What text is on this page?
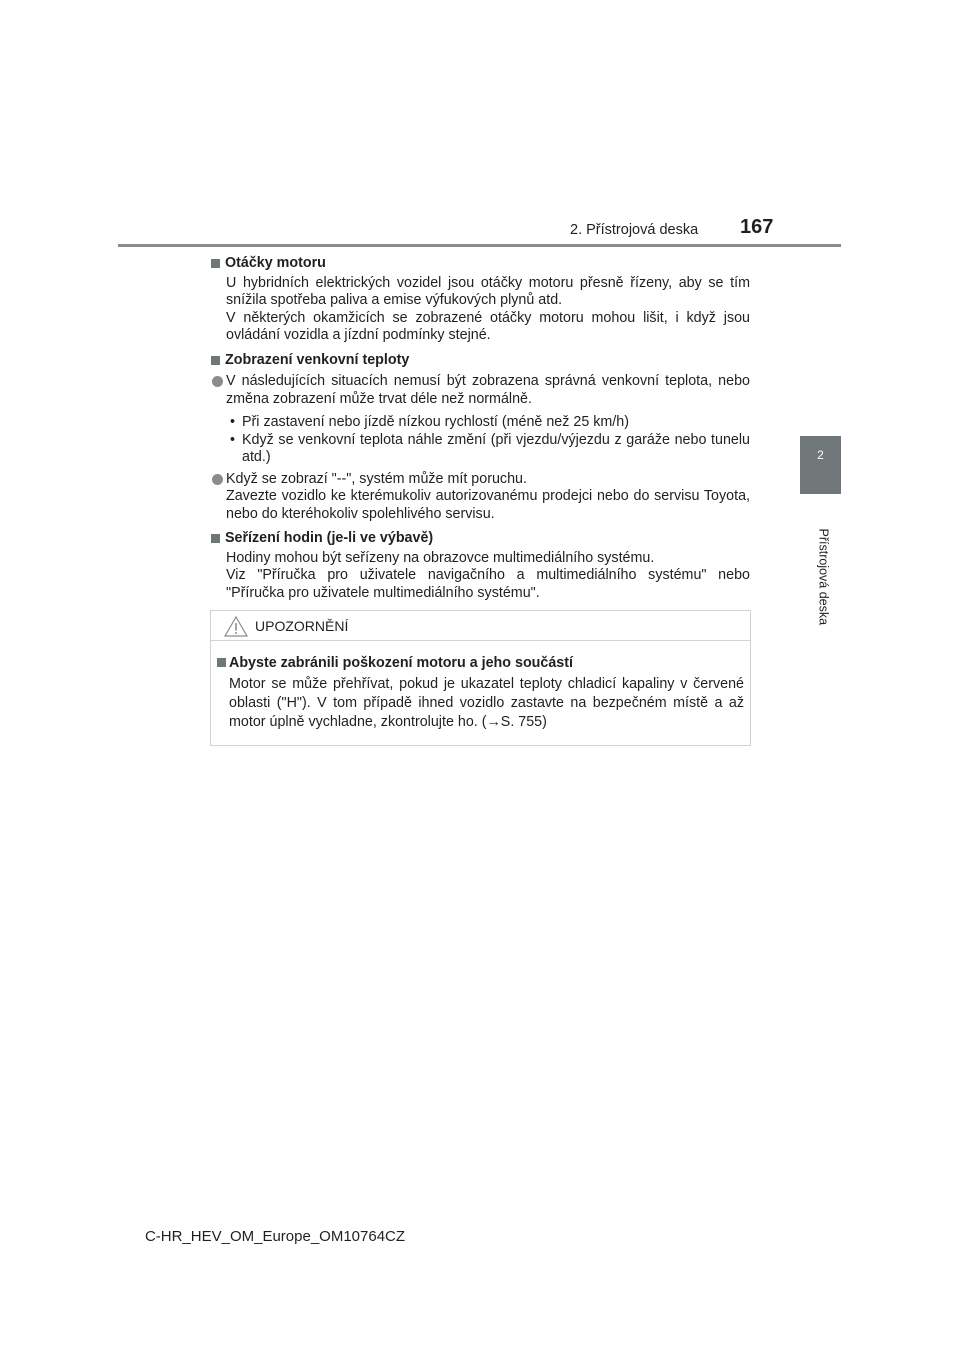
2. Přístrojová deska 167
2
Přístrojová deska
Otáčky motoru
U hybridních elektrických vozidel jsou otáčky motoru přesně řízeny, aby se tím snížila spotřeba paliva a emise výfukových plynů atd.
V některých okamžicích se zobrazené otáčky motoru mohou lišit, i když jsou ovládání vozidla a jízdní podmínky stejné.
Zobrazení venkovní teploty
V následujících situacích nemusí být zobrazena správná venkovní teplota, nebo změna zobrazení může trvat déle než normálně.
• Při zastavení nebo jízdě nízkou rychlostí (méně než 25 km/h)
• Když se venkovní teplota náhle změní (při vjezdu/výjezdu z garáže nebo tunelu atd.)
Když se zobrazí "--", systém může mít poruchu.
Zavezte vozidlo ke kterémukoliv autorizovanému prodejci nebo do servisu Toyota, nebo do kteréhokoliv spolehlivého servisu.
Seřízení hodin (je-li ve výbavě)
Hodiny mohou být seřízeny na obrazovce multimediálního systému.
Viz "Příručka pro uživatele navigačního a multimediálního systému" nebo "Příručka pro uživatele multimediálního systému".
UPOZORNĚNÍ
Abyste zabránili poškození motoru a jeho součástí
Motor se může přehřívat, pokud je ukazatel teploty chladicí kapaliny v červené oblasti ("H"). V tom případě ihned vozidlo zastavte na bezpečném místě a až motor úplně vychladne, zkontrolujte ho. (→S. 755)
C-HR_HEV_OM_Europe_OM10764CZ
